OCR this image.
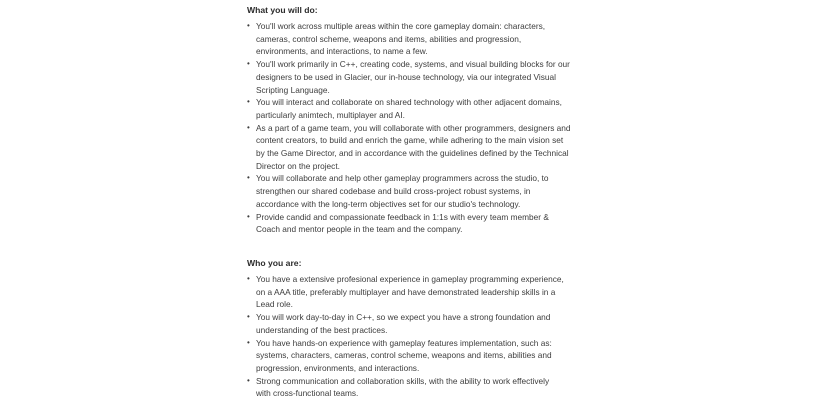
What you will do:

• You'll work across multiple areas within the core gameplay domain: characters,
cameras, control scheme, weapons and items, abilities and progression,
environments, and interactions, to name a few.
• You'll work primarily in C++, creating code, systems, and visual building blocks for our
designers to be used in Glacier, our in-house technology, via our integrated Visual
Scripting Language.
• You will interact and collaborate on shared technology with other adjacent domains,
particularly animtech, multiplayer and AI.
• As a part of a game team, you will collaborate with other programmers, designers and
content creators, to build and enrich the game, while adhering to the main vision set
by the Game Director, and in accordance with the guidelines defined by the Technical
Director on the project.
• You will collaborate and help other gameplay programmers across the studio, to
strengthen our shared codebase and build cross-project robust systems, in
accordance with the long-term objectives set for our studio's technology.
• Provide candid and compassionate feedback in 1:1s with every team member &
Coach and mentor people in the team and the company.

Who you are:

• You have a extensive profesional experience in gameplay programming experience,
on a AAA title, preferably multiplayer and have demonstrated leadership skills in a
Lead role.
• You will work day-to-day in C++, so we expect you have a strong foundation and
understanding of the best practices.
• You have hands-on experience with gameplay features implementation, such as:
systems, characters, cameras, control scheme, weapons and items, abilities and
progression, environments, and interactions.
• Strong communication and collaboration skills, with the ability to work effectively
with cross-functional teams.
